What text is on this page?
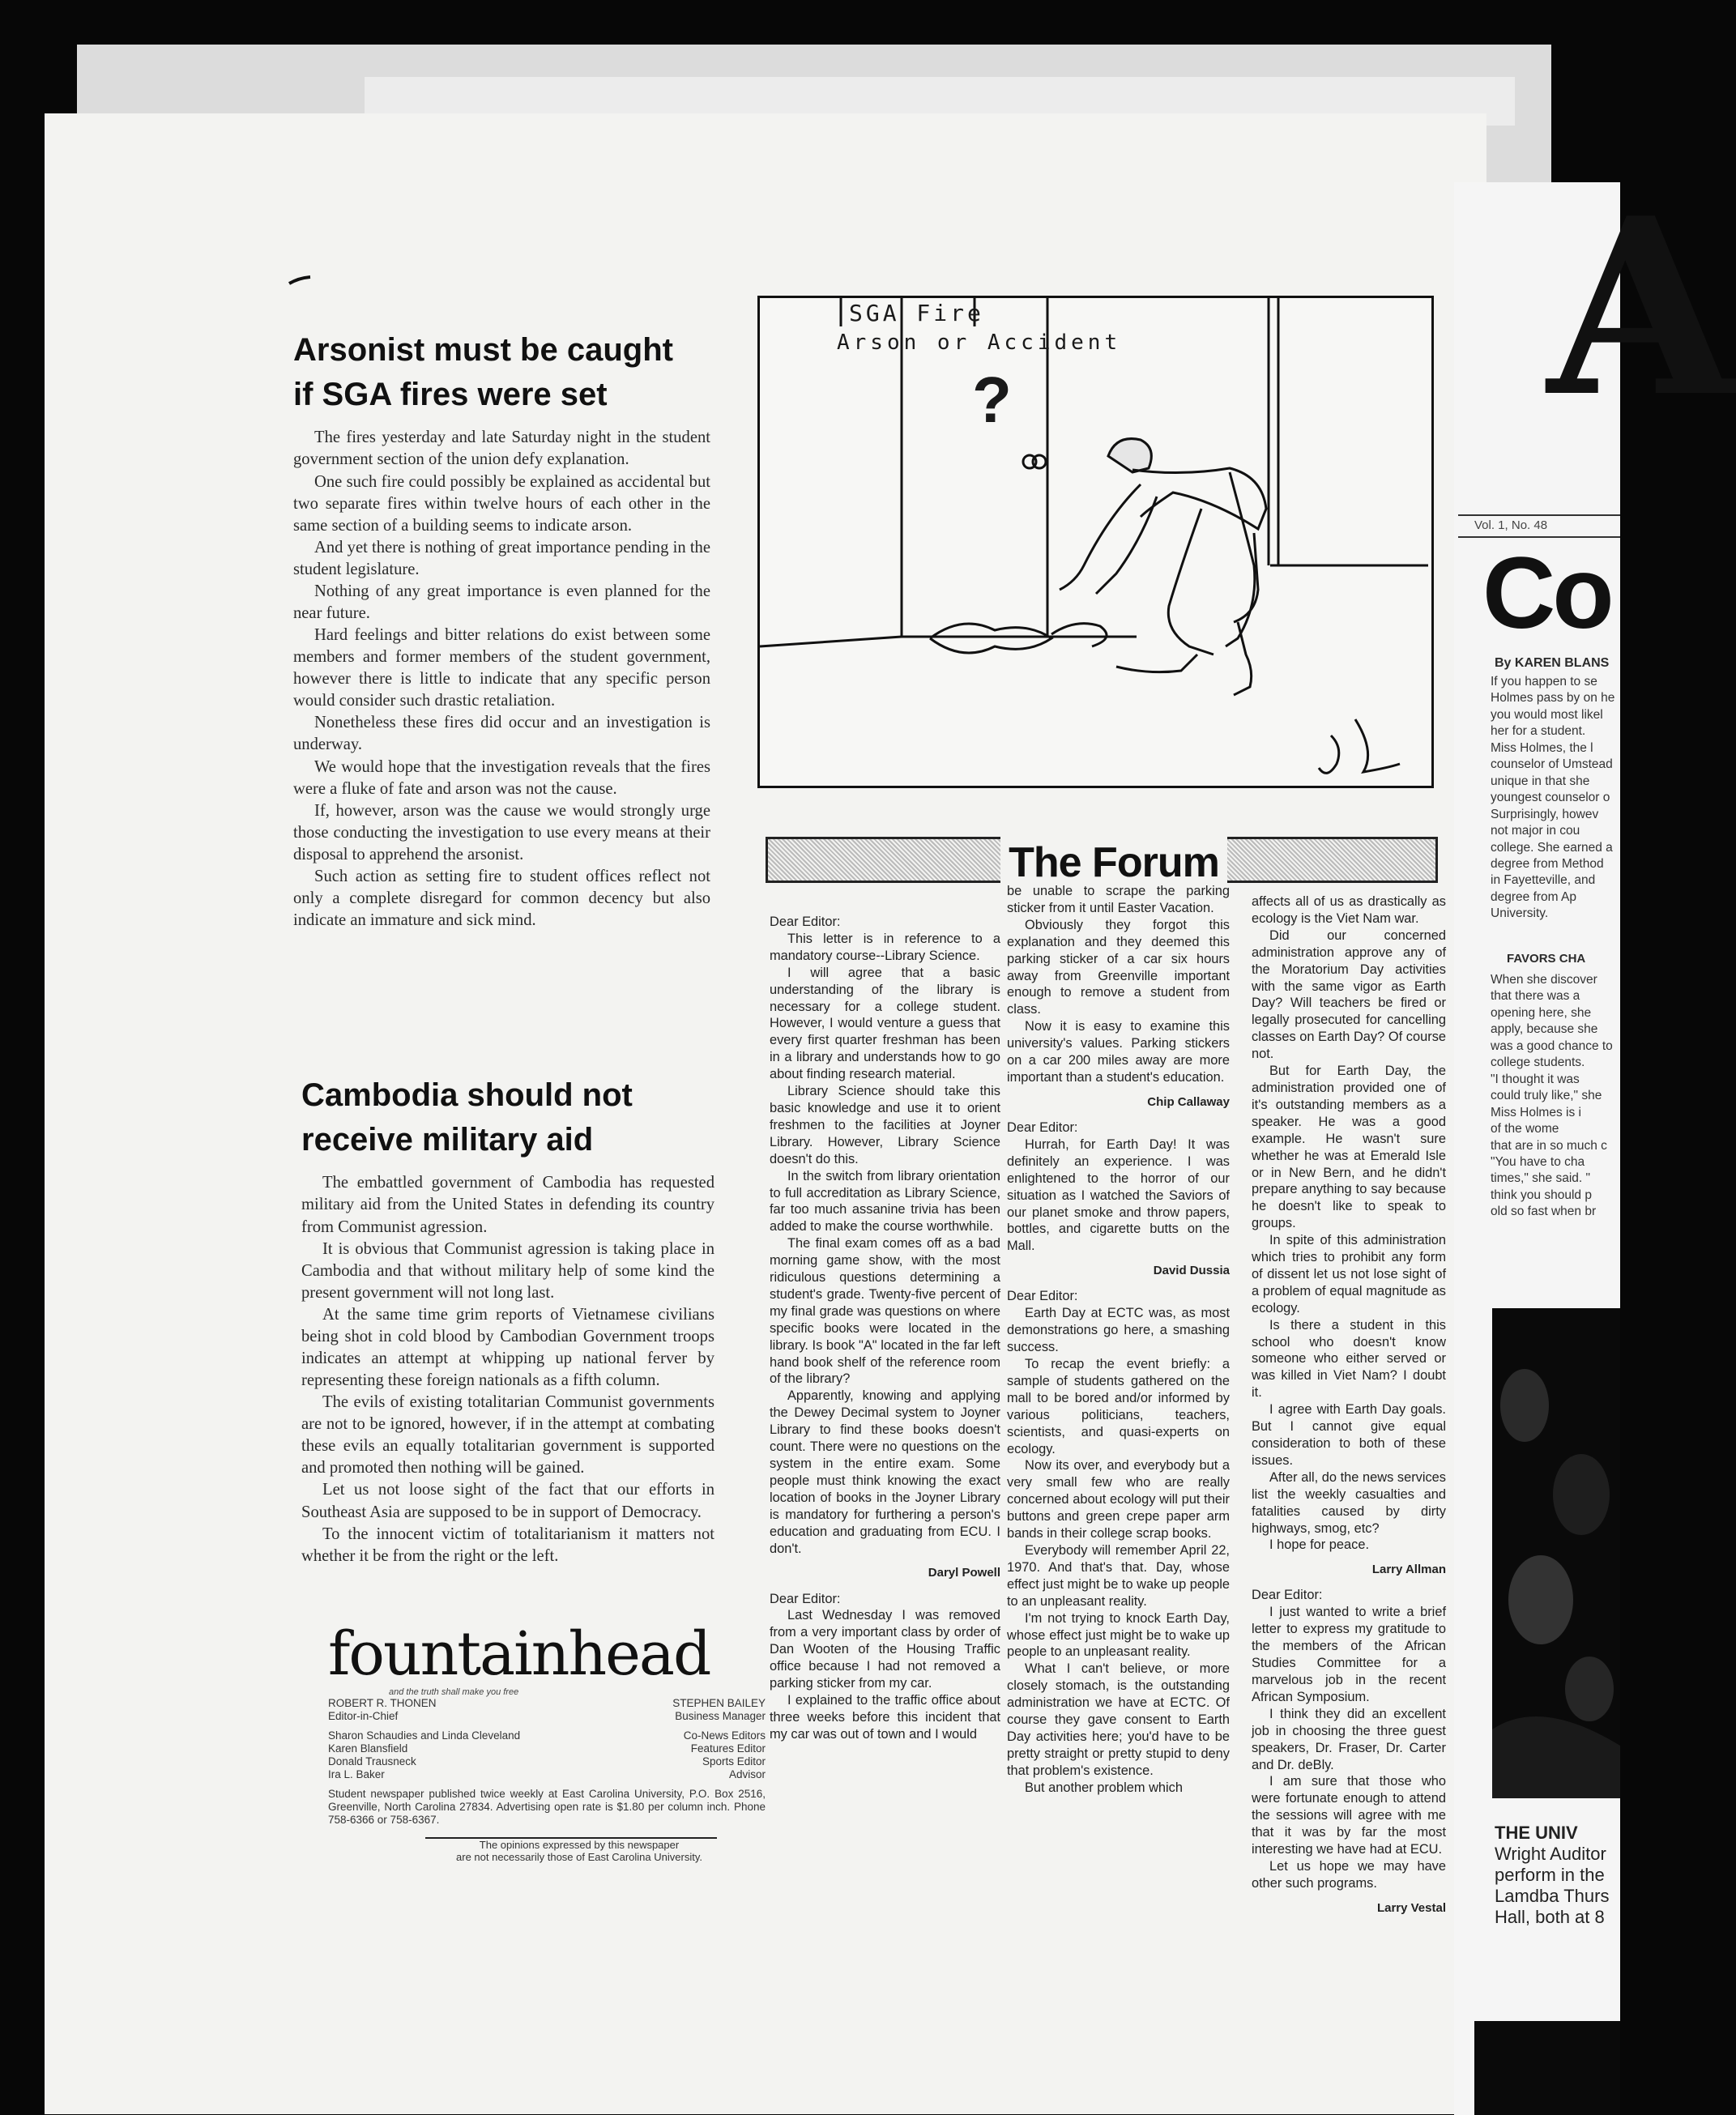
Arsonist must be caught
if SGA fires were set

The fires yesterday and late Saturday night in the student government section of the union defy explanation.

One such fire could possibly be explained as accidental but two separate fires within twelve hours of each other in the same section of a building seems to indicate arson.

And yet there is nothing of great importance pending in the student legislature.

Nothing of any great importance is even planned for the near future.

Hard feelings and bitter relations do exist between some members and former members of the student government, however there is little to indicate that any specific person would consider such drastic retaliation.

Nonetheless these fires did occur and an investigation is underway.

We would hope that the investigation reveals that the fires were a fluke of fate and arson was not the cause.

If, however, arson was the cause we would strongly urge those conducting the investigation to use every means at their disposal to apprehend the arsonist.

Such action as setting fire to student offices reflect not only a complete disregard for common decency but also indicate an immature and sick mind.

Cambodia should not
receive military aid

The embattled government of Cambodia has requested military aid from the United States in defending its country from Communist agression.

It is obvious that Communist agression is taking place in Cambodia and that without military help of some kind the present government will not long last.

At the same time grim reports of Vietnamese civilians being shot in cold blood by Cambodian Government troops indicates an attempt at whipping up national ferver by representing these foreign nationals as a fifth column.

The evils of existing totalitarian Communist governments are not to be ignored, however, if in the attempt at combating these evils an equally totalitarian government is supported and promoted then nothing will be gained.

Let us not loose sight of the fact that our efforts in Southeast Asia are supposed to be in support of Democracy.

To the innocent victim of totalitarianism it matters not whether it be from the right or the left.

SGA Fire
Arson or Accident
?
The Forum

Dear Editor:

This letter is in reference to a mandatory course--Library Science.

I will agree that a basic understanding of the library is necessary for a college student. However, I would venture a guess that every first quarter freshman has been in a library and understands how to go about finding research material.

Library Science should take this basic knowledge and use it to orient freshmen to the facilities at Joyner Library. However, Library Science doesn't do this.

In the switch from library orientation to full accreditation as Library Science, far too much assanine trivia has been added to make the course worthwhile.

The final exam comes off as a bad morning game show, with the most ridiculous questions determining a student's grade. Twenty-five percent of my final grade was questions on where specific books were located in the library. Is book "A" located in the far left hand book shelf of the reference room of the library?

Apparently, knowing and applying the Dewey Decimal system to Joyner Library to find these books doesn't count. There were no questions on the system in the entire exam. Some people must think knowing the exact location of books in the Joyner Library is mandatory for furthering a person's education and graduating from ECU. I don't.

Daryl Powell

Dear Editor:

Last Wednesday I was removed from a very important class by order of Dan Wooten of the Housing Traffic office because I had not removed a parking sticker from my car.

I explained to the traffic office about three weeks before this incident that my car was out of town and I would

be unable to scrape the parking sticker from it until Easter Vacation.

Obviously they forgot this explanation and they deemed this parking sticker of a car six hours away from Greenville important enough to remove a student from class.

Now it is easy to examine this university's values. Parking stickers on a car 200 miles away are more important than a student's education.

Chip Callaway

Dear Editor:

Hurrah, for Earth Day! It was definitely an experience. I was enlightened to the horror of our situation as I watched the Saviors of our planet smoke and throw papers, bottles, and cigarette butts on the Mall.

David Dussia

Dear Editor:

Earth Day at ECTC was, as most demonstrations go here, a smashing success.

To recap the event briefly: a sample of students gathered on the mall to be bored and/or informed by various politicians, teachers, scientists, and quasi-experts on ecology.

Now its over, and everybody but a very small few who are really concerned about ecology will put their buttons and green crepe paper arm bands in their college scrap books.

Everybody will remember April 22, 1970. And that's that. Day, whose effect just might be to wake up people to an unpleasant reality.

I'm not trying to knock Earth Day, whose effect just might be to wake up people to an unpleasant reality.

What I can't believe, or more closely stomach, is the outstanding administration we have at ECTC. Of course they gave consent to Earth Day activities here; you'd have to be pretty straight or pretty stupid to deny that problem's existence.

But another problem which

affects all of us as drastically as ecology is the Viet Nam war.

Did our concerned administration approve any of the Moratorium Day activities with the same vigor as Earth Day? Will teachers be fired or legally prosecuted for cancelling classes on Earth Day? Of course not.

But for Earth Day, the administration provided one of it's outstanding members as a speaker. He was a good example. He wasn't sure whether he was at Emerald Isle or in New Bern, and he didn't prepare anything to say because he doesn't like to speak to groups.

In spite of this administration which tries to prohibit any form of dissent let us not lose sight of a problem of equal magnitude as ecology.

Is there a student in this school who doesn't know someone who either served or was killed in Viet Nam? I doubt it.

I agree with Earth Day goals. But I cannot give equal consideration to both of these issues.

After all, do the news services list the weekly casualties and fatalities caused by dirty highways, smog, etc?

I hope for peace.

Larry Allman

Dear Editor:

I just wanted to write a brief letter to express my gratitude to the members of the African Studies Committee for a marvelous job in the recent African Symposium.

I think they did an excellent job in choosing the three guest speakers, Dr. Fraser, Dr. Carter and Dr. deBly.

I am sure that those who were fortunate enough to attend the sessions will agree with me that it was by far the most interesting we have had at ECU.

Let us hope we may have other such programs.

Larry Vestal

fountainhead
and the truth shall make you free
ROBERT R. THONEN	STEPHEN BAILEY
Editor-in-Chief	Business Manager
Sharon Schaudies and Linda Cleveland	Co-News Editors
Karen Blansfield	Features Editor
Donald Trausneck	Sports Editor
Ira L. Baker	Advisor
Student newspaper published twice weekly at East Carolina University, P.O. Box 2516, Greenville, North Carolina 27834. Advertising open rate is $1.80 per column inch. Phone 758-6366 or 758-6367.
The opinions expressed by this newspaper
are not necessarily those of East Carolina University.
A
Vol. 1, No. 48
Co
By KAREN BLANS

If you happen to se

Holmes pass by on he

you would most likel

her for a student.

Miss Holmes, the l

counselor of Umstead

unique in that she

youngest counselor o

Surprisingly, howev

not major in cou

college. She earned a

degree from Method

in Fayetteville, and

degree from Ap

University.

FAVORS CHA

When she discover

that there was a

opening here, she

apply, because she

was a good chance to

college students.

"I thought it was

could truly like," she

Miss Holmes is i

of the wome

that are in so much c

"You have to cha

times," she said. "

think you should p

old so fast when br

THE UNIV
Wright Auditor
perform in the
Lamdba Thurs
Hall, both at 8
